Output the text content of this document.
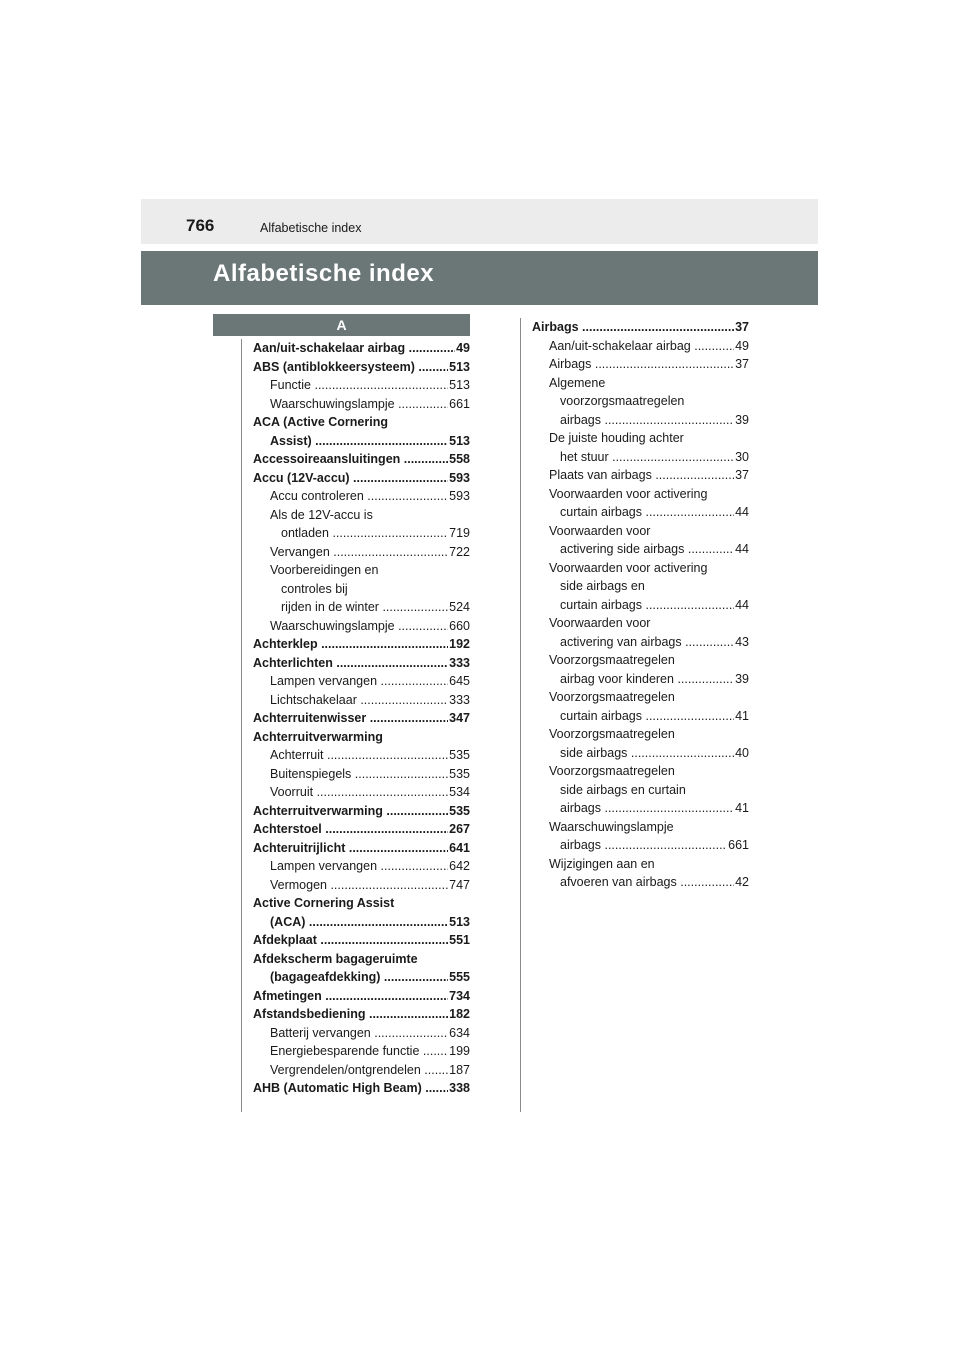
766	Alfabetische index
Alfabetische index
A
Aan/uit-schakelaar airbag .....	49
ABS (antiblokkeersysteem) .....	513
Functie .....	513
Waarschuwingslampje .....	661
ACA (Active Cornering
Assist) .....	513
Accessoireaansluitingen .....	558
Accu (12V-accu) .....	593
Accu controleren .....	593
Als de 12V-accu is
ontladen .....	719
Vervangen .....	722
Voorbereidingen en
controles bij
rijden in de winter .....	524
Waarschuwingslampje .....	660
Achterklep .....	192
Achterlichten .....	333
Lampen vervangen .....	645
Lichtschakelaar .....	333
Achterruitenwisser .....	347
Achterruitverwarming
Achterruit .....	535
Buitenspiegels .....	535
Voorruit .....	534
Achterruitverwarming .....	535
Achterstoel .....	267
Achteruitrijlicht .....	641
Lampen vervangen .....	642
Vermogen .....	747
Active Cornering Assist
(ACA) .....	513
Afdekplaat .....	551
Afdekscherm bagageruimte
(bagageafdekking) .....	555
Afmetingen .....	734
Afstandsbediening .....	182
Batterij vervangen .....	634
Energiebesparende functie .....	199
Vergrendelen/ontgrendelen .....	187
AHB (Automatic High Beam) .....	338
Airbags .....	37
Aan/uit-schakelaar airbag .....	49
Airbags .....	37
Algemene
voorzorgsmaatregelen
airbags .....	39
De juiste houding achter
het stuur .....	30
Plaats van airbags .....	37
Voorwaarden voor activering
curtain airbags .....	44
Voorwaarden voor
activering side airbags .....	44
Voorwaarden voor activering
side airbags en
curtain airbags .....	44
Voorwaarden voor
activering van airbags .....	43
Voorzorgsmaatregelen
airbag voor kinderen .....	39
Voorzorgsmaatregelen
curtain airbags .....	41
Voorzorgsmaatregelen
side airbags .....	40
Voorzorgsmaatregelen
side airbags en curtain
airbags .....	41
Waarschuwingslampje
airbags .....	661
Wijzigingen aan en
afvoeren van airbags .....	42
